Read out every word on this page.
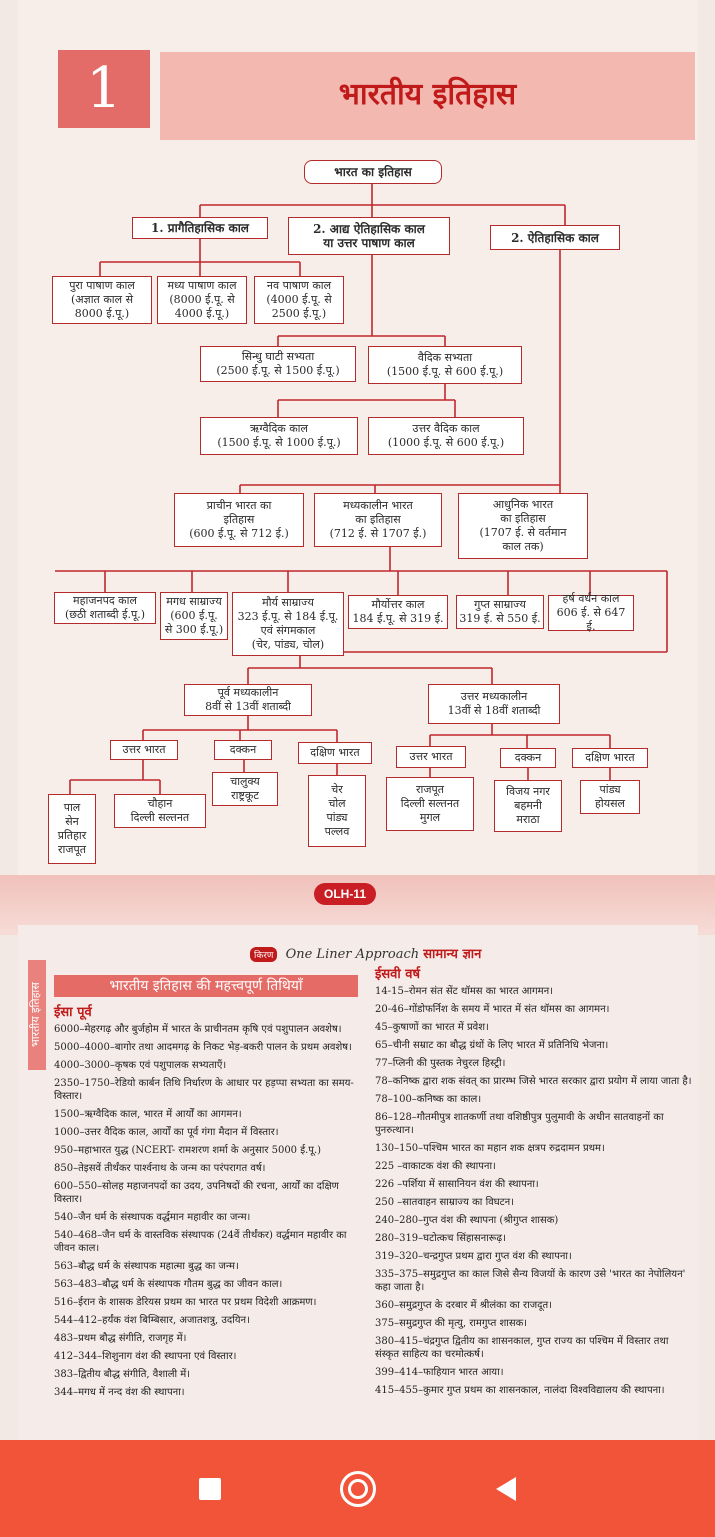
1	भारतीय इतिहास
भारत का इतिहास
1. प्रागैतिहासिक काल	2. आद्य ऐतिहासिक काल
या उत्तर पाषाण काल	2. ऐतिहासिक काल
पुरा पाषाण काल
(अज्ञात काल से
8000 ई.पू.)
मध्य पाषाण काल
(8000 ई.पू. से
4000 ई.पू.)
नव पाषाण काल
(4000 ई.पू. से
2500 ई.पू.)
सिन्धु घाटी सभ्यता
(2500 ई.पू. से 1500 ई.पू.)
वैदिक सभ्यता
(1500 ई.पू. से 600 ई.पू.)
ऋग्वैदिक काल
(1500 ई.पू. से 1000 ई.पू.)
उत्तर वैदिक काल
(1000 ई.पू. से 600 ई.पू.)
प्राचीन भारत का
इतिहास
(600 ई.पू. से 712 ई.)
मध्यकालीन भारत
का इतिहास
(712 ई. से 1707 ई.)
आधुनिक भारत
का इतिहास
(1707 ई. से वर्तमान
काल तक)
महाजनपद काल
(छठी शताब्दी ई.पू.)
मगध साम्राज्य
(600 ई.पू.
से 300 ई.पू.)
मौर्य साम्राज्य
323 ई.पू. से 184 ई.पू.
एवं संगमकाल
(चेर, पांड्य, चोल)
मौर्योत्तर काल
184 ई.पू. से 319 ई.
गुप्त साम्राज्य
319 ई. से 550 ई.
हर्ष वर्धन काल
606 ई. से 647 ई.
पूर्व मध्यकालीन
8वीं से 13वीं शताब्दी
उत्तर मध्यकालीन
13वीं से 18वीं शताब्दी
उत्तर भारत	दक्कन	दक्षिण भारत	उत्तर भारत	दक्कन	दक्षिण भारत
पाल
सेन
प्रतिहार
राजपूत
चौहान
दिल्ली सल्तनत
चालुक्य
राष्ट्रकूट	चेर
चोल
पांड्य
पल्लव
राजपूत
दिल्ली सल्तनत
मुगल
विजय नगर
बहमनी
मराठा
पांड्य
होयसल
OLH-11
किरण One Liner Approach सामान्य ज्ञान
भारतीय इतिहास	भारतीय इतिहास की महत्त्वपूर्ण तिथियाँ
ईसा पूर्व
6000–मेहरगढ़ और बुर्जहोम में भारत के प्राचीनतम कृषि एवं पशुपालन अवशेष।
5000–4000–बागोर तथा आदमगढ़ के निकट भेड़-बकरी पालन के प्रथम अवशेष।
4000–3000–कृषक एवं पशुपालक सभ्यताएँ।
2350–1750–रेडियो कार्बन तिथि निर्धारण के आधार पर हड़प्पा सभ्यता का समय-विस्तार।
1500–ऋग्वैदिक काल, भारत में आर्यों का आगमन।
1000–उत्तर वैदिक काल, आर्यों का पूर्व गंगा मैदान में विस्तार।
950–महाभारत युद्ध (NCERT- रामशरण शर्मा के अनुसार 5000 ई.पू.)
850–तेइसवें तीर्थंकर पार्श्वनाथ के जन्म का परंपरागत वर्ष।
600–550–सोलह महाजनपदों का उदय, उपनिषदों की रचना, आर्यों का दक्षिण विस्तार।
540–जैन धर्म के संस्थापक वर्द्धमान महावीर का जन्म।
540–468–जैन धर्म के वास्तविक संस्थापक (24वें तीर्थंकर) वर्द्धमान महावीर का जीवन काल।
563–बौद्ध धर्म के संस्थापक महात्मा बुद्ध का जन्म।
563–483–बौद्ध धर्म के संस्थापक गौतम बुद्ध का जीवन काल।
516–ईरान के शासक डेरियस प्रथम का भारत पर प्रथम विदेशी आक्रमण।
544–412–हर्यंक वंश बिम्बिसार, अजातशत्रु, उदयिन।
483–प्रथम बौद्ध संगीति, राजगृह में।
412–344–शिशुनाग वंश की स्थापना एवं विस्तार।
383–द्वितीय बौद्ध संगीति, वैशाली में।
344–मगध में नन्द वंश की स्थापना।
ईसवी वर्ष
14-15–रोमन संत सेंट थॉमस का भारत आगमन।
20-46–गोंडोफर्निश के समय में भारत में संत थॉमस का आगमन।
45–कुषाणों का भारत में प्रवेश।
65–चीनी सम्राट का बौद्ध ग्रंथों के लिए भारत में प्रतिनिधि भेजना।
77–प्लिनी की पुस्तक नेचुरल हिस्ट्री।
78–कनिष्क द्वारा शक संवत् का प्रारम्भ जिसे भारत सरकार द्वारा प्रयोग में लाया जाता है।
78–100–कनिष्क का काल।
86–128–गौतमीपुत्र शातकर्णी तथा वशिष्ठीपुत्र पुलुमावी के अधीन सातवाहनों का पुनरुत्थान।
130–150–पश्चिम भारत का महान शक क्षत्रप रुद्रदामन प्रथम।
225 –वाकाटक वंश की स्थापना।
226 –पर्शिया में सासानियन वंश की स्थापना।
250 –सातवाहन साम्राज्य का विघटन।
240–280–गुप्त वंश की स्थापना (श्रीगुप्त शासक)
280–319–घटोत्कच सिंहासनारूढ़।
319–320–चन्द्रगुप्त प्रथम द्वारा गुप्त वंश की स्थापना।
335–375–समुद्रगुप्त का काल जिसे सैन्य विजयों के कारण उसे 'भारत का नेपोलियन' कहा जाता है।
360–समुद्रगुप्त के दरबार में श्रीलंका का राजदूत।
375–समुद्रगुप्त की मृत्यु, रामगुप्त शासक।
380–415–चंद्रगुप्त द्वितीय का शासनकाल, गुप्त राज्य का पश्चिम में विस्तार तथा संस्कृत साहित्य का चरमोत्कर्ष।
399–414–फाहियान भारत आया।
415–455–कुमार गुप्त प्रथम का शासनकाल, नालंदा विश्वविद्यालय की स्थापना।
